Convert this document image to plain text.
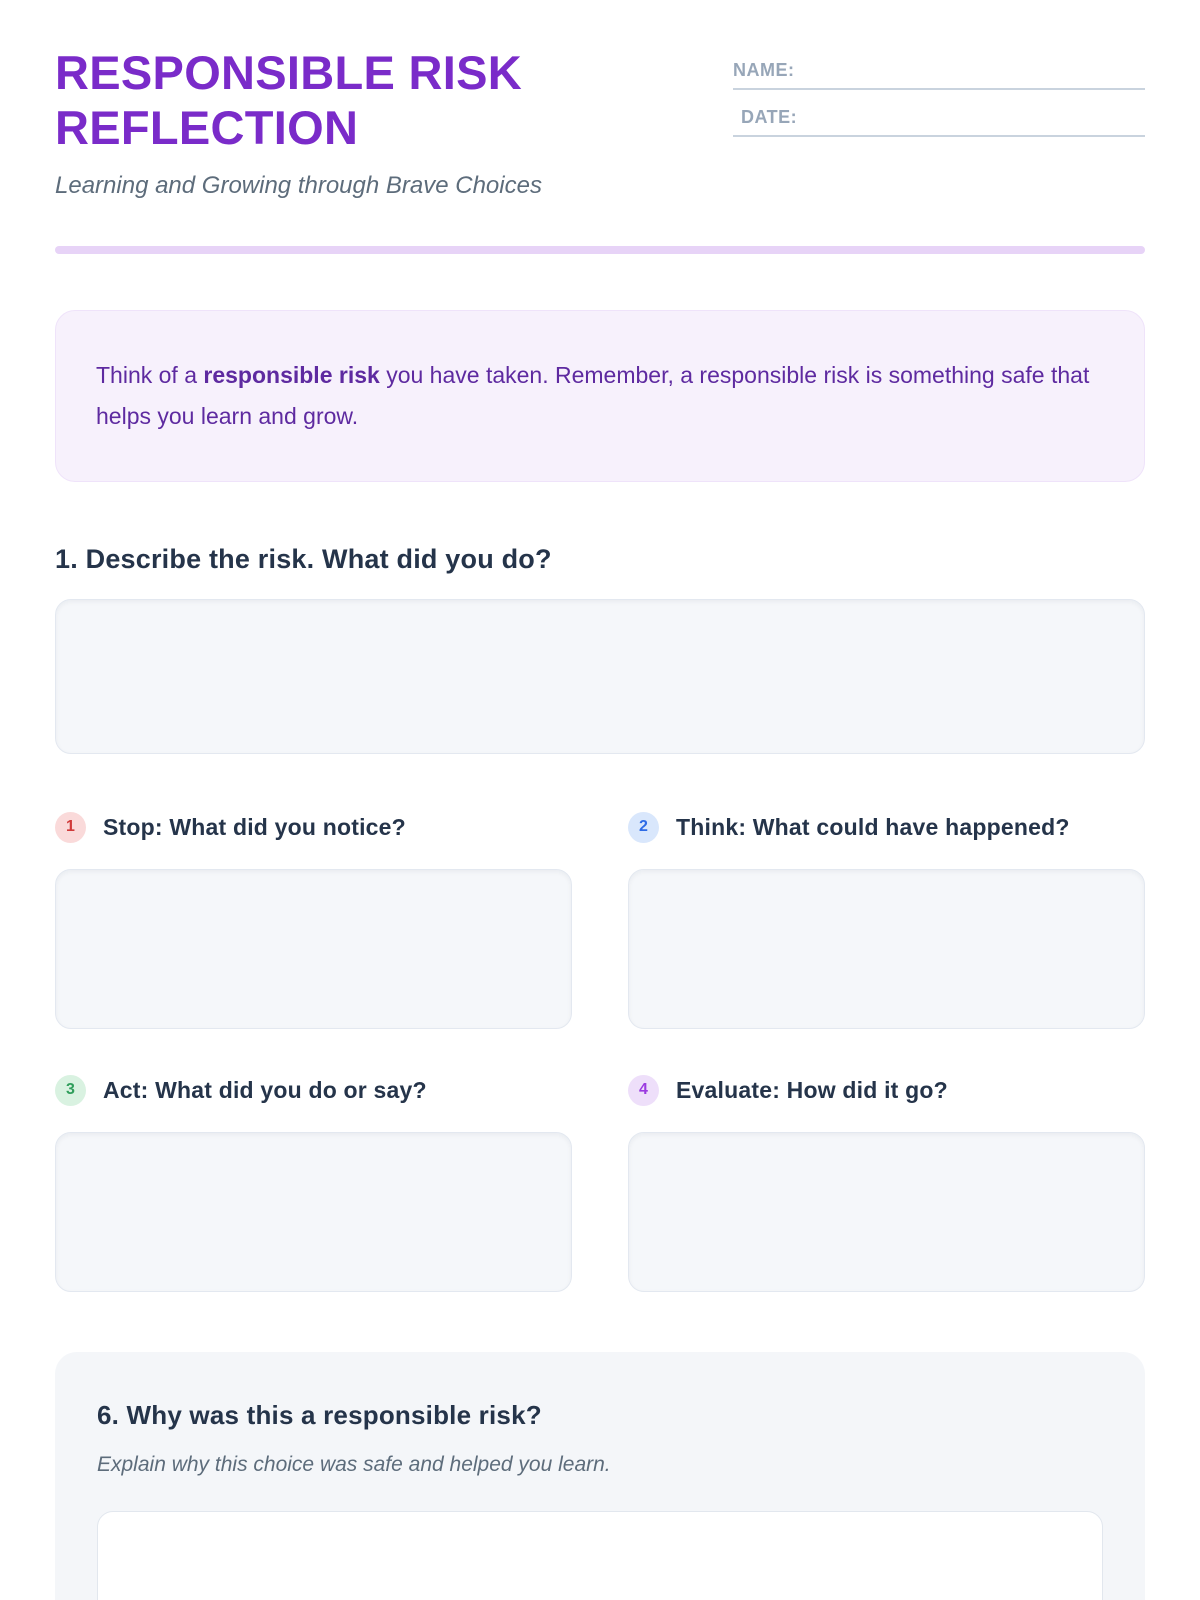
RESPONSIBLE RISK
REFLECTION
Learning and Growing through Brave Choices
NAME:
DATE:

Think of a responsible risk you have taken. Remember, a responsible risk is something safe that helps you learn and grow.

1. Describe the risk. What did you do?
1	Stop: What did you notice?	2	Think: What could have happened?
3	Act: What did you do or say?	4	Evaluate: How did it go?
6. Why was this a responsible risk?
Explain why this choice was safe and helped you learn.
